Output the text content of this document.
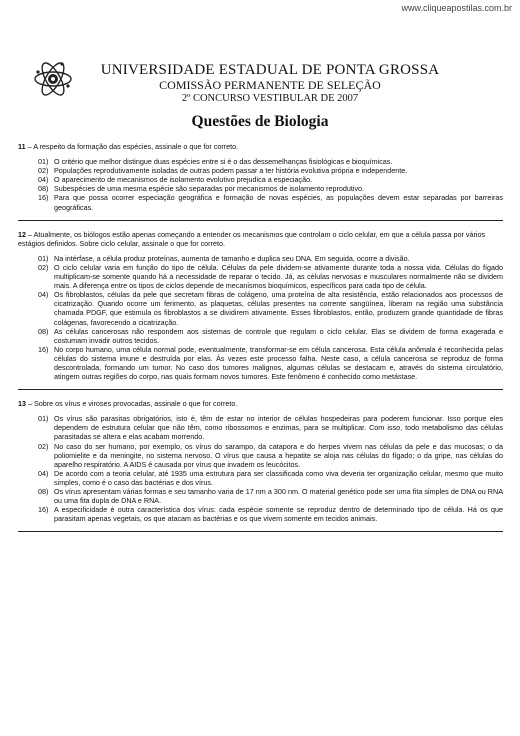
www.cliqueapostilas.com.br
UNIVERSIDADE ESTADUAL DE PONTA GROSSA
COMISSÃO PERMANENTE DE SELEÇÃO
2º CONCURSO VESTIBULAR DE 2007
Questões de Biologia
11 – A respeito da formação das espécies, assinale o que for correto.
01) O critério que melhor distingue duas espécies entre si é o das dessemelhanças fisiológicas e bioquímicas.
02) Populações reprodutivamente isoladas de outras podem passar a ter história evolutiva própria e independente.
04) O aparecimento de mecanismos de isolamento evolutivo prejudica a especiação.
08) Subespécies de uma mesma espécie são separadas por mecanismos de isolamento reprodutivo.
16) Para que possa ocorrer especiação geográfica e formação de novas espécies, as populações devem estar separadas por barreiras geográficas.
12 – Atualmente, os biólogos estão apenas começando a entender os mecanismos que controlam o ciclo celular, em que a célula passa por vários estágios definidos. Sobre ciclo celular, assinale o que for correto.
01) Na intérfase, a célula produz proteínas, aumenta de tamanho e duplica seu DNA. Em seguida, ocorre a divisão.
02) O ciclo celular varia em função do tipo de célula. Células da pele dividem-se ativamente durante toda a nossa vida. Células do fígado multiplicam-se somente quando há a necessidade de reparar o tecido. Já, as células nervosas e musculares normalmente não se dividem mais. A diferença entre os tipos de ciclos depende de mecanismos bioquímicos, específicos para cada tipo de célula.
04) Os fibroblastos, células da pele que secretam fibras de colágeno, uma proteína de alta resistência, estão relacionados aos processos de cicatrização. Quando ocorre um ferimento, as plaquetas, células presentes na corrente sangüínea, liberam na região uma substância chamada PDGF, que estimula os fibroblastos a se dividirem ativamente. Esses fibroblastos, então, produzem grande quantidade de fibras colágenas, favorecendo a cicatrização.
08) As células cancerosas não respondem aos sistemas de controle que regulam o ciclo celular. Elas se dividem de forma exagerada e costumam invadir outros tecidos.
16) No corpo humano, uma célula normal pode, eventualmente, transformar-se em célula cancerosa. Esta célula anômala é reconhecida pelas células do sistema imune e destruída por elas. Às vezes este processo falha. Neste caso, a célula cancerosa se reproduz de forma descontrolada, formando um tumor. No caso dos tumores malignos, algumas células se destacam e, através do sistema circulatório, atingem outras regiões do corpo, nas quais formam novos tumores. Este fenômeno é conhecido como metástase.
13 – Sobre os vírus e viroses provocadas, assinale o que for correto.
01) Os vírus são parasitas obrigatórios, isto é, têm de estar no interior de células hospedeiras para poderem funcionar. Isso porque eles dependem de estrutura celular que não têm, como ribossomos e enzimas, para se multiplicar. Com isso, todo metabolismo das células parasitadas se altera e elas acabam morrendo.
02) No caso do ser humano, por exemplo, os vírus do sarampo, da catapora e do herpes vivem nas células da pele e das mucosas; o da poliomielite e da meningite, no sistema nervoso. O vírus que causa a hepatite se aloja nas células do fígado; o da gripe, nas células do aparelho respiratório. A AIDS é causada por vírus que invadem os leucócitos.
04) De acordo com a teoria celular, até 1935 uma estrutura para ser classificada como viva deveria ter organização celular, mesmo que muito simples, como é o caso das bactérias e dos vírus.
08) Os vírus apresentam várias formas e seu tamanho varia de 17 nm a 300 nm. O material genético pode ser uma fita simples de DNA ou RNA ou uma fita dupla de DNA e RNA.
16) A especificidade é outra característica dos vírus: cada espécie somente se reproduz dentro de determinado tipo de célula. Há os que parasitam apenas vegetais, os que atacam as bactérias e os que vivem somente em tecidos animais.
